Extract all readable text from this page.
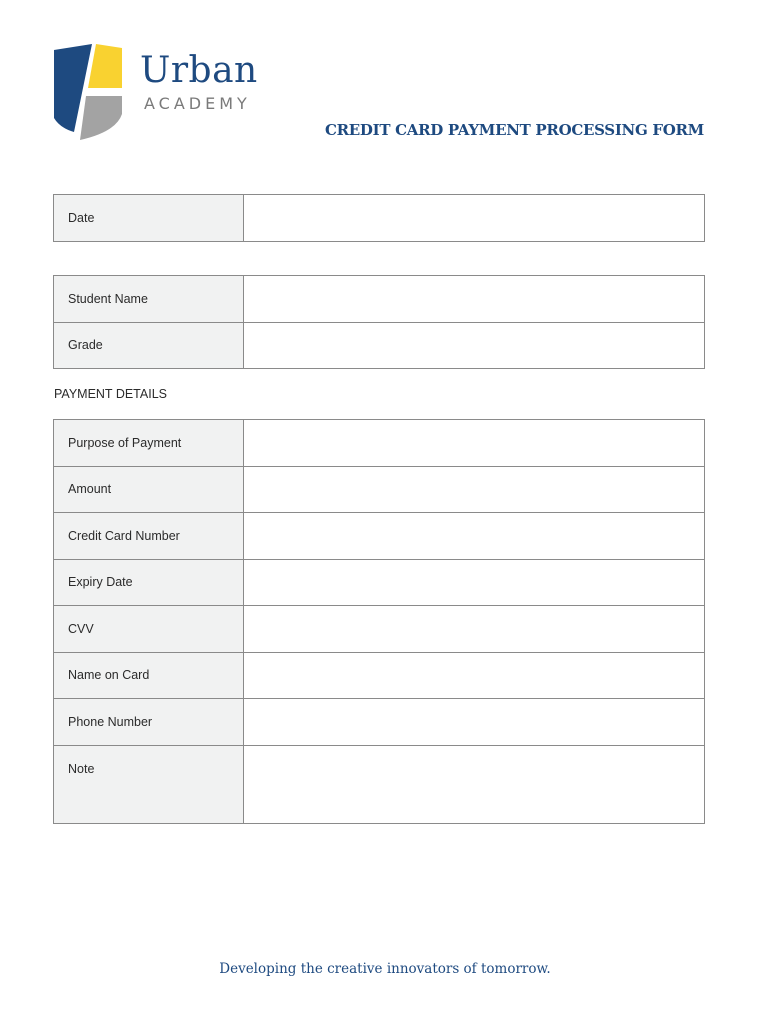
Urban
ACADEMY
CREDIT CARD PAYMENT PROCESSING FORM
Date	
Student Name	
Grade	
PAYMENT DETAILS
Purpose of Payment	
Amount	
Credit Card Number	
Expiry Date	
CVV	
Name on Card	
Phone Number	
Note	
Developing the creative innovators of tomorrow.
